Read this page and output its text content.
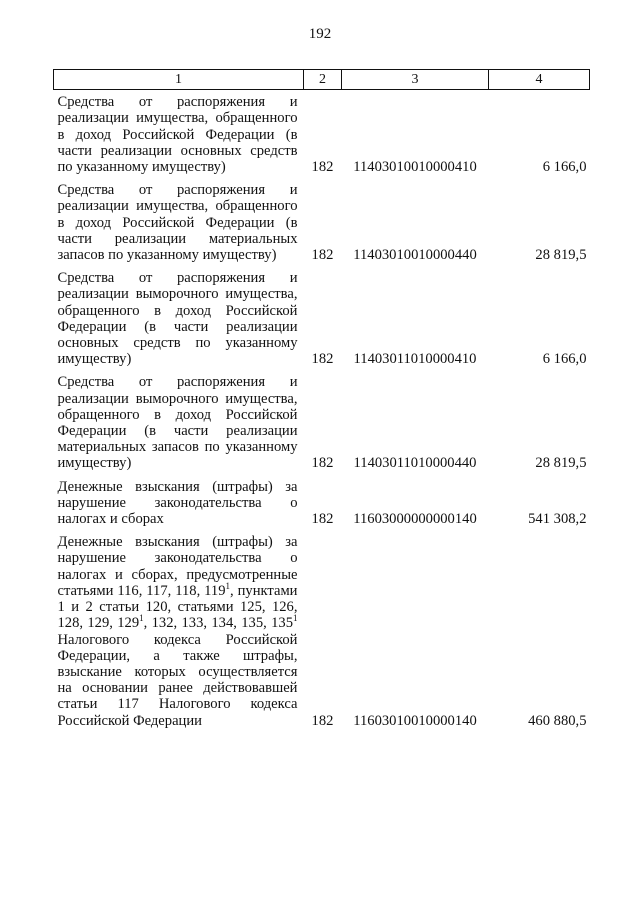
192
1	2	3	4
Средства от распоряжения и реализации имущества, обращенного в доход Российской Федерации (в части реализации основных средств по указанному имуществу)	182	11403010010000410	6 166,0
Средства от распоряжения и реализации имущества, обращенного в доход Российской Федерации (в части реализации материальных запасов по указанному имуществу)	182	11403010010000440	28 819,5
Средства от распоряжения и реализации выморочного имущества, обращенного в доход Российской Федерации (в части реализации основных средств по указанному имуществу)	182	11403011010000410	6 166,0
Средства от распоряжения и реализации выморочного имущества, обращенного в доход Российской Федерации (в части реализации материальных запасов по указанному имуществу)	182	11403011010000440	28 819,5
Денежные взыскания (штрафы) за нарушение законодательства о налогах и сборах	182	11603000000000140	541 308,2
Денежные взыскания (штрафы) за нарушение законодательства о налогах и сборах, предусмотренные статьями 116, 117, 118, $119^1$, пунктами 1 и 2 статьи 120, статьями 125, 126, 128, 129, $129^1$, 132, 133, 134, 135, $135^1$ Налогового кодекса Российской Федерации, а также штрафы, взыскание которых осуществляется на основании ранее действовавшей статьи 117 Налогового кодекса Российской Федерации	182	11603010010000140	460 880,5
